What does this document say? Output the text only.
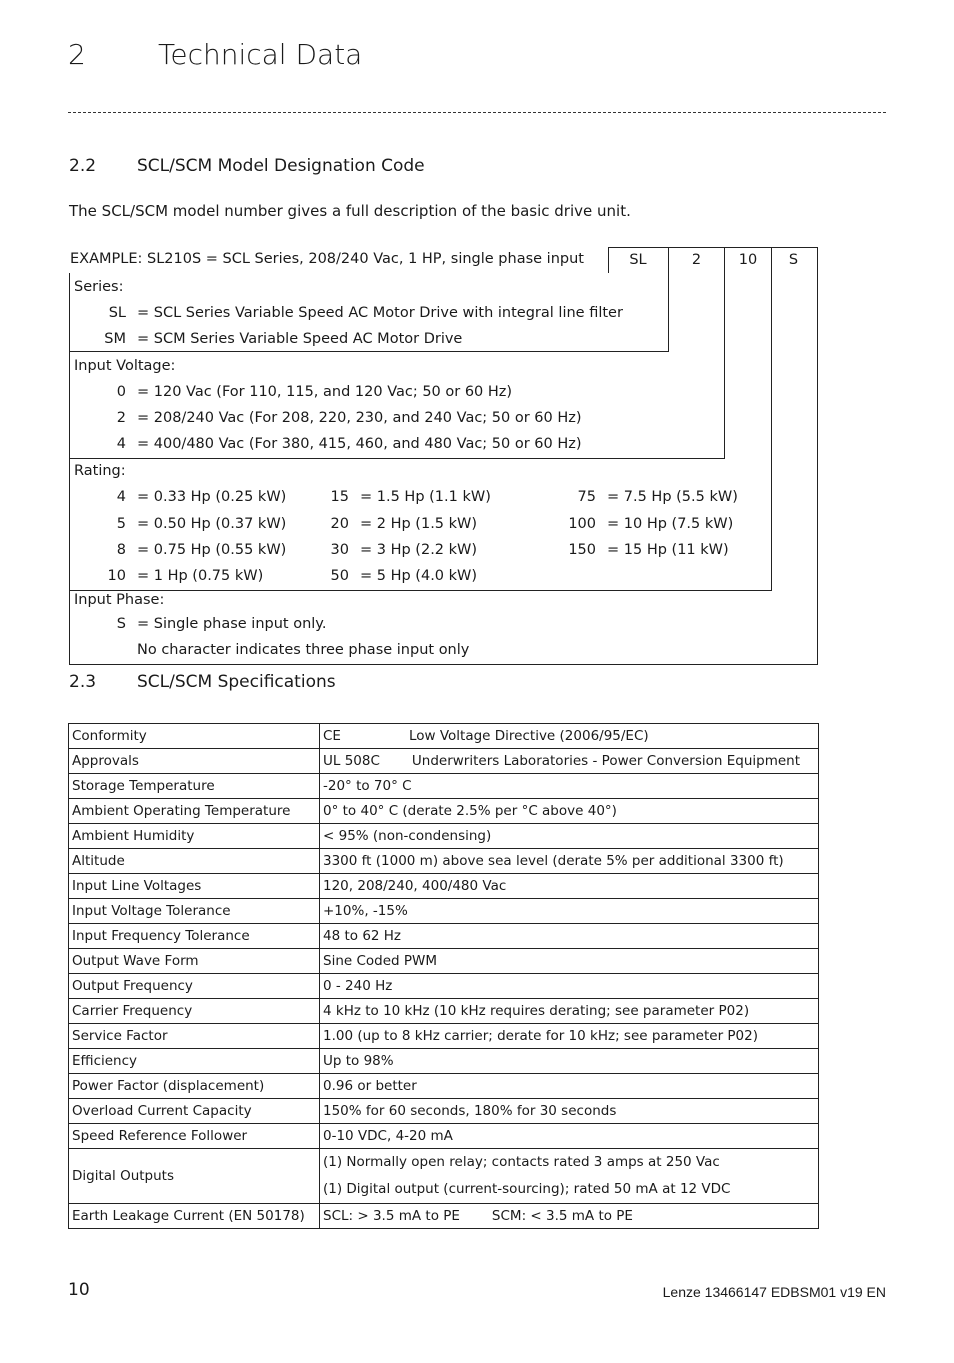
2	Technical Data
2.2 SCL/SCM Model Designation Code
The SCL/SCM model number gives a full description of the basic drive unit.
EXAMPLE: SL210S = SCL Series, 208/240 Vac, 1 HP, single phase input	SL	2	10	S
Series:
SL = SCL Series Variable Speed AC Motor Drive with integral line filter
SM = SCM Series Variable Speed AC Motor Drive
Input Voltage:
0 = 120 Vac (For 110, 115, and 120 Vac; 50 or 60 Hz)
2 = 208/240 Vac (For 208, 220, 230, and 240 Vac; 50 or 60 Hz)
4 = 400/480 Vac (For 380, 415, 460, and 480 Vac; 50 or 60 Hz)
Rating:
4 = 0.33 Hp (0.25 kW)
5 = 0.50 Hp (0.37 kW)
8 = 0.75 Hp (0.55 kW)
10 = 1 Hp (0.75 kW)
15 = 1.5 Hp (1.1 kW)
20 = 2 Hp (1.5 kW)
30 = 3 Hp (2.2 kW)
50 = 5 Hp (4.0 kW)
75 = 7.5 Hp (5.5 kW)
100 = 10 Hp (7.5 kW)
150 = 15 Hp (11 kW)
Input Phase:
S = Single phase input only.
No character indicates three phase input only
2.3 SCL/SCM Specifications
Conformity	CE Low Voltage Directive (2006/95/EC)
Approvals	UL 508C Underwriters Laboratories - Power Conversion Equipment
Storage Temperature	-20° to 70° C
Ambient Operating Temperature	0° to 40° C (derate 2.5% per °C above 40°)
Ambient Humidity	< 95% (non-condensing)
Altitude	3300 ft (1000 m) above sea level (derate 5% per additional 3300 ft)
Input Line Voltages	120, 208/240, 400/480 Vac
Input Voltage Tolerance	+10%, -15%
Input Frequency Tolerance	48 to 62 Hz
Output Wave Form	Sine Coded PWM
Output Frequency	0 - 240 Hz
Carrier Frequency	4 kHz to 10 kHz (10 kHz requires derating; see parameter P02)
Service Factor	1.00 (up to 8 kHz carrier; derate for 10 kHz; see parameter P02)
Efficiency	Up to 98%
Power Factor (displacement)	0.96 or better
Overload Current Capacity	150% for 60 seconds, 180% for 30 seconds
Speed Reference Follower	0-10 VDC, 4-20 mA
Digital Outputs	(1) Normally open relay; contacts rated 3 amps at 250 Vac
(1) Digital output (current-sourcing); rated 50 mA at 12 VDC

Earth Leakage Current (EN 50178)	SCL: > 3.5 mA to PE SCM: < 3.5 mA to PE
10	Lenze 13466147 EDBSM01 v19 EN
